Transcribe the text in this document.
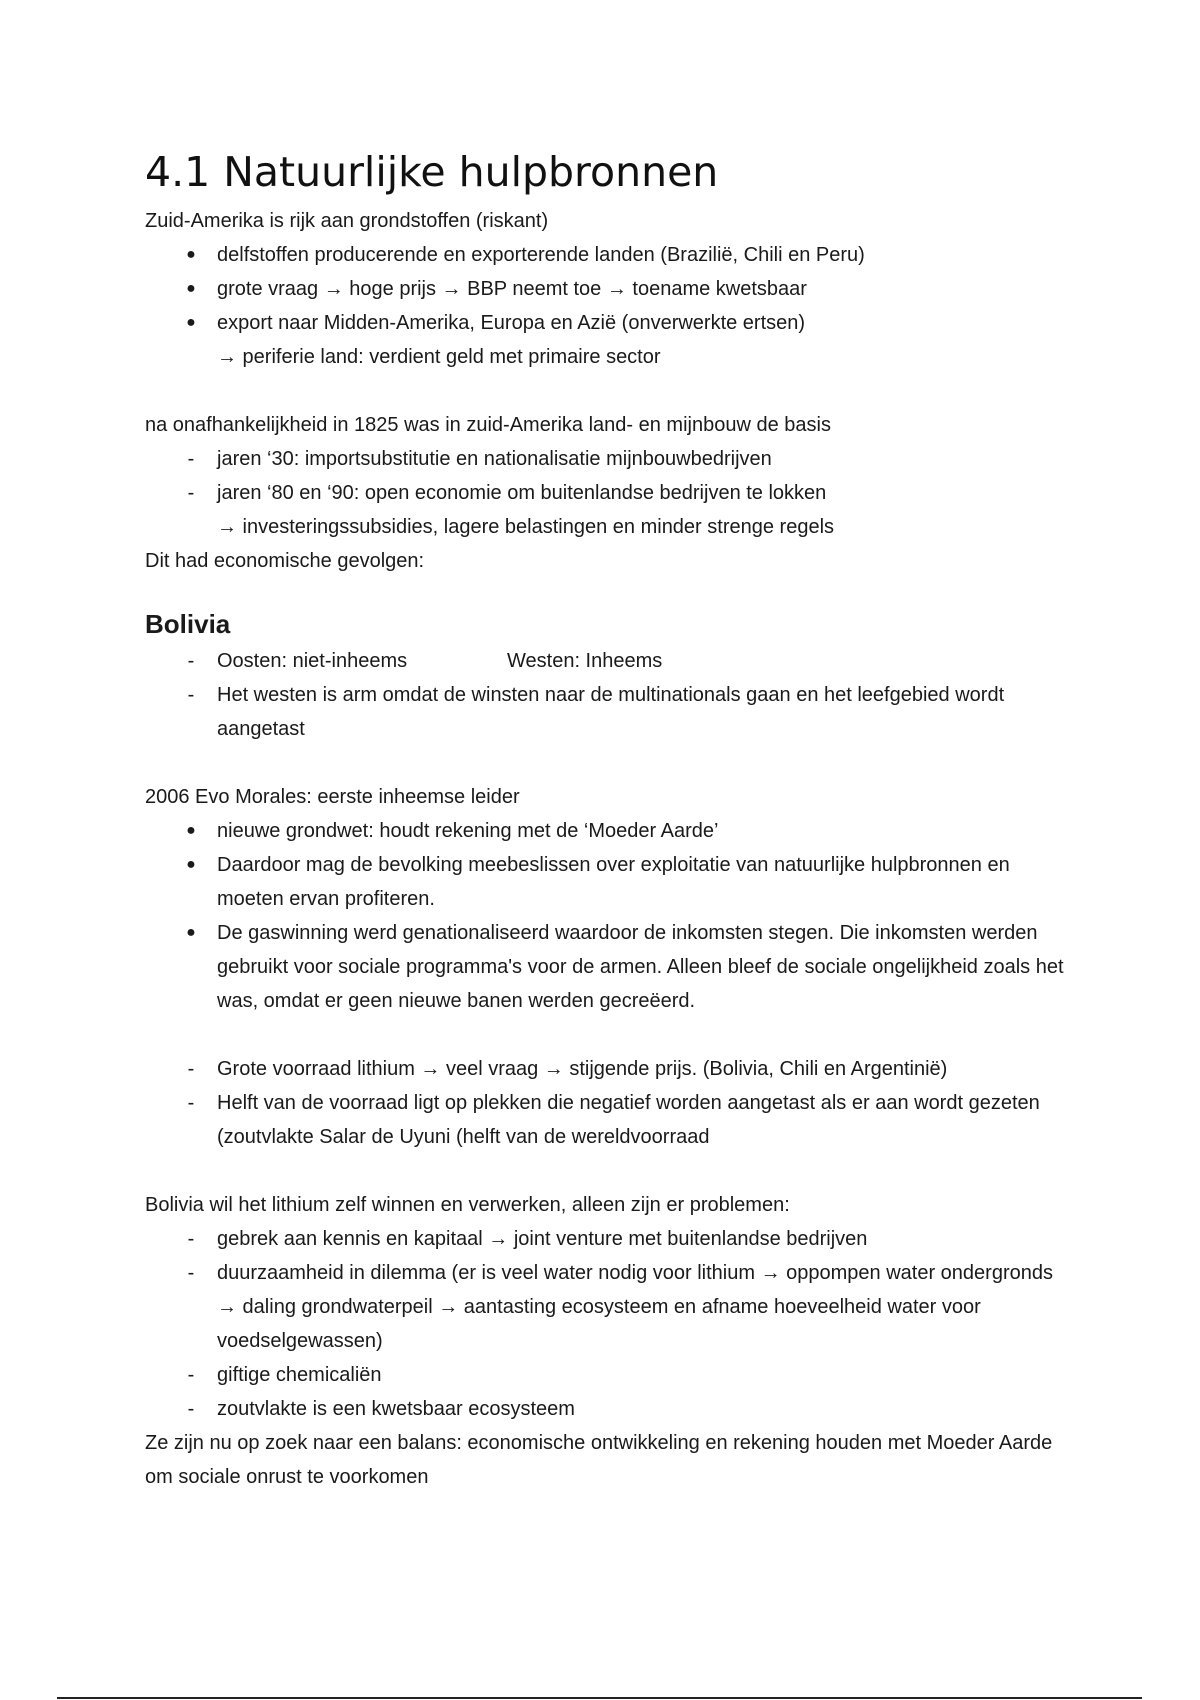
4.1 Natuurlijke hulpbronnen

Zuid-Amerika is rijk aan grondstoffen (riskant)

● delfstoffen producerende en exporterende landen (Brazilië, Chili en Peru)
● grote vraag → hoge prijs → BBP neemt toe → toename kwetsbaar
● export naar Midden-Amerika, Europa en Azië (onverwerkte ertsen)
→ periferie land: verdient geld met primaire sector

na onafhankelijkheid in 1825 was in zuid-Amerika land- en mijnbouw de basis

-	jaren ‘30: importsubstitutie en nationalisatie mijnbouwbedrijven
-	jaren ‘80 en ‘90: open economie om buitenlandse bedrijven te lokken
→ investeringssubsidies, lagere belastingen en minder strenge regels

Dit had economische gevolgen:

Bolivia
-	Oosten: niet-inheems	Westen: Inheems
-	Het westen is arm omdat de winsten naar de multinationals gaan en het leefgebied wordt aangetast

2006 Evo Morales: eerste inheemse leider

● nieuwe grondwet: houdt rekening met de ‘Moeder Aarde’
● Daardoor mag de bevolking meebeslissen over exploitatie van natuurlijke hulpbronnen en moeten ervan profiteren.
● De gaswinning werd genationaliseerd waardoor de inkomsten stegen. Die inkomsten werden gebruikt voor sociale programma's voor de armen. Alleen bleef de sociale ongelijkheid zoals het was, omdat er geen nieuwe banen werden gecreëerd.
-	Grote voorraad lithium → veel vraag → stijgende prijs. (Bolivia, Chili en Argentinië)
-	Helft van de voorraad ligt op plekken die negatief worden aangetast als er aan wordt gezeten (zoutvlakte Salar de Uyuni (helft van de wereldvoorraad

Bolivia wil het lithium zelf winnen en verwerken, alleen zijn er problemen:

-	gebrek aan kennis en kapitaal → joint venture met buitenlandse bedrijven
-	duurzaamheid in dilemma (er is veel water nodig voor lithium → oppompen water ondergronds → daling grondwaterpeil → aantasting ecosysteem en afname hoeveelheid water voor voedselgewassen)
-	giftige chemicaliën
-	zoutvlakte is een kwetsbaar ecosysteem

Ze zijn nu op zoek naar een balans: economische ontwikkeling en rekening houden met Moeder Aarde om sociale onrust te voorkomen
